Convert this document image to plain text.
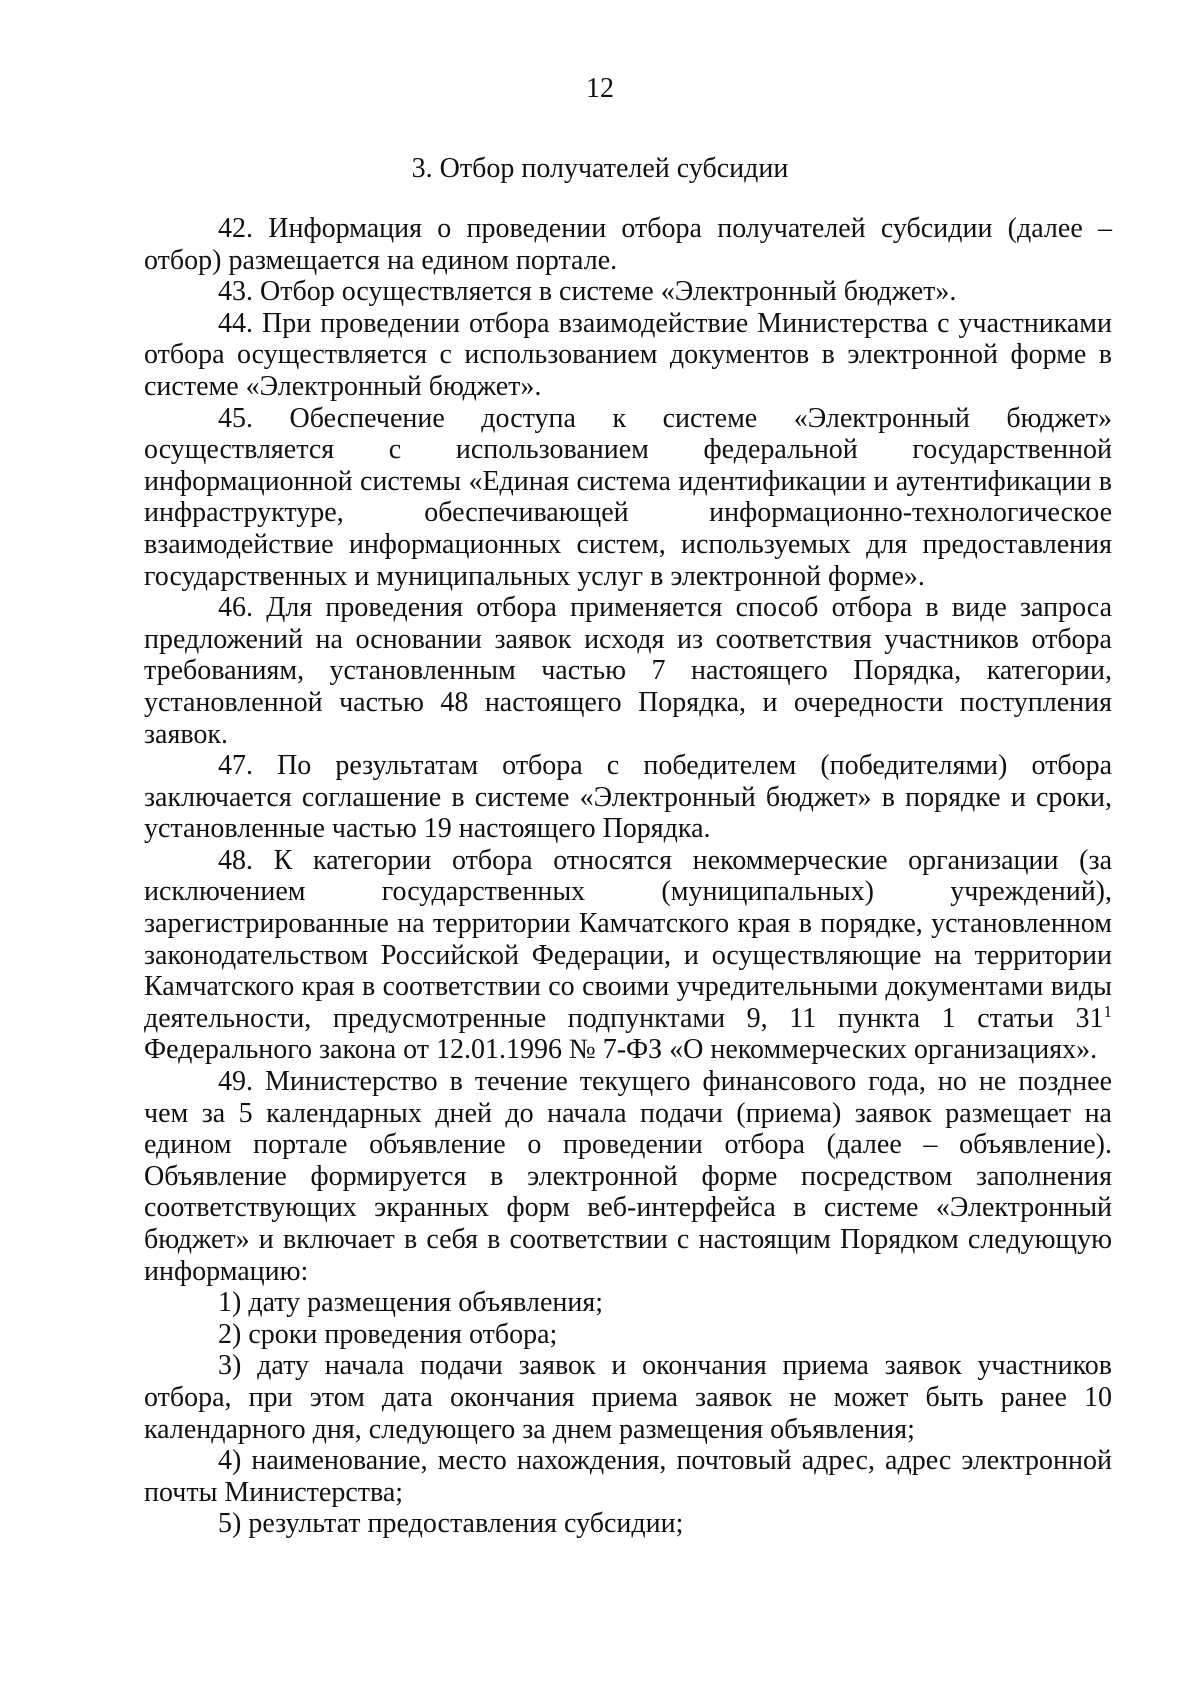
12
3. Отбор получателей субсидии

42. Информация о проведении отбора получателей субсидии (далее – отбор) размещается на едином портале.

43. Отбор осуществляется в системе «Электронный бюджет».

44. При проведении отбора взаимодействие Министерства с участниками отбора осуществляется с использованием документов в электронной форме в системе «Электронный бюджет».

45. Обеспечение доступа к системе «Электронный бюджет» осуществляется с использованием федеральной государственной информационной системы «Единая система идентификации и аутентификации в инфраструктуре, обеспечивающей информационно-технологическое взаимодействие информационных систем, используемых для предоставления государственных и муниципальных услуг в электронной форме».

46. Для проведения отбора применяется способ отбора в виде запроса предложений на основании заявок исходя из соответствия участников отбора требованиям, установленным частью 7 настоящего Порядка, категории, установленной частью 48 настоящего Порядка, и очередности поступления заявок.

47. По результатам отбора с победителем (победителями) отбора заключается соглашение в системе «Электронный бюджет» в порядке и сроки, установленные частью 19 настоящего Порядка.

48. К категории отбора относятся некоммерческие организации (за исключением государственных (муниципальных) учреждений), зарегистрированные на территории Камчатского края в порядке, установленном законодательством Российской Федерации, и осуществляющие на территории Камчатского края в соответствии со своими учредительными документами виды деятельности, предусмотренные подпунктами 9, 11 пункта 1 статьи $31^1$ Федерального закона от 12.01.1996 № 7-ФЗ «О некоммерческих организациях».

49. Министерство в течение текущего финансового года, но не позднее чем за 5 календарных дней до начала подачи (приема) заявок размещает на едином портале объявление о проведении отбора (далее – объявление). Объявление формируется в электронной форме посредством заполнения соответствующих экранных форм веб-интерфейса в системе «Электронный бюджет» и включает в себя в соответствии с настоящим Порядком следующую информацию:

1) дату размещения объявления;

2) сроки проведения отбора;

3) дату начала подачи заявок и окончания приема заявок участников отбора, при этом дата окончания приема заявок не может быть ранее 10 календарного дня, следующего за днем размещения объявления;

4) наименование, место нахождения, почтовый адрес, адрес электронной почты Министерства;

5) результат предоставления субсидии;
